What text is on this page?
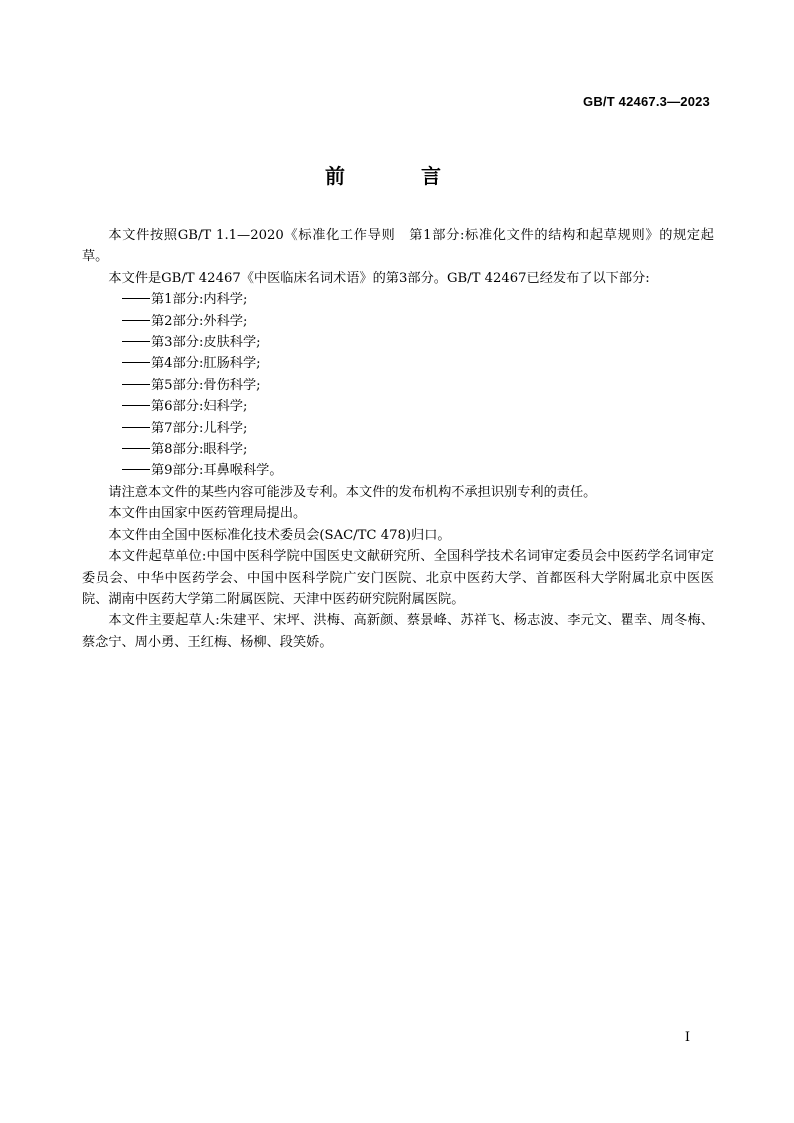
GB/T 42467.3—2023
前　言

本文件按照GB/T 1.1—2020《标准化工作导则　第1部分:标准化文件的结构和起草规则》的规定起草。

本文件是GB/T 42467《中医临床名词术语》的第3部分。GB/T 42467已经发布了以下部分:

第1部分:内科学;

第2部分:外科学;

第3部分:皮肤科学;

第4部分:肛肠科学;

第5部分:骨伤科学;

第6部分:妇科学;

第7部分:儿科学;

第8部分:眼科学;

第9部分:耳鼻喉科学。

请注意本文件的某些内容可能涉及专利。本文件的发布机构不承担识别专利的责任。

本文件由国家中医药管理局提出。

本文件由全国中医标准化技术委员会(SAC/TC 478)归口。

本文件起草单位:中国中医科学院中国医史文献研究所、全国科学技术名词审定委员会中医药学名词审定委员会、中华中医药学会、中国中医科学院广安门医院、北京中医药大学、首都医科大学附属北京中医医院、湖南中医药大学第二附属医院、天津中医药研究院附属医院。

本文件主要起草人:朱建平、宋坪、洪梅、高新颜、蔡景峰、苏祥飞、杨志波、李元文、瞿幸、周冬梅、蔡念宁、周小勇、王红梅、杨柳、段笑娇。

I
